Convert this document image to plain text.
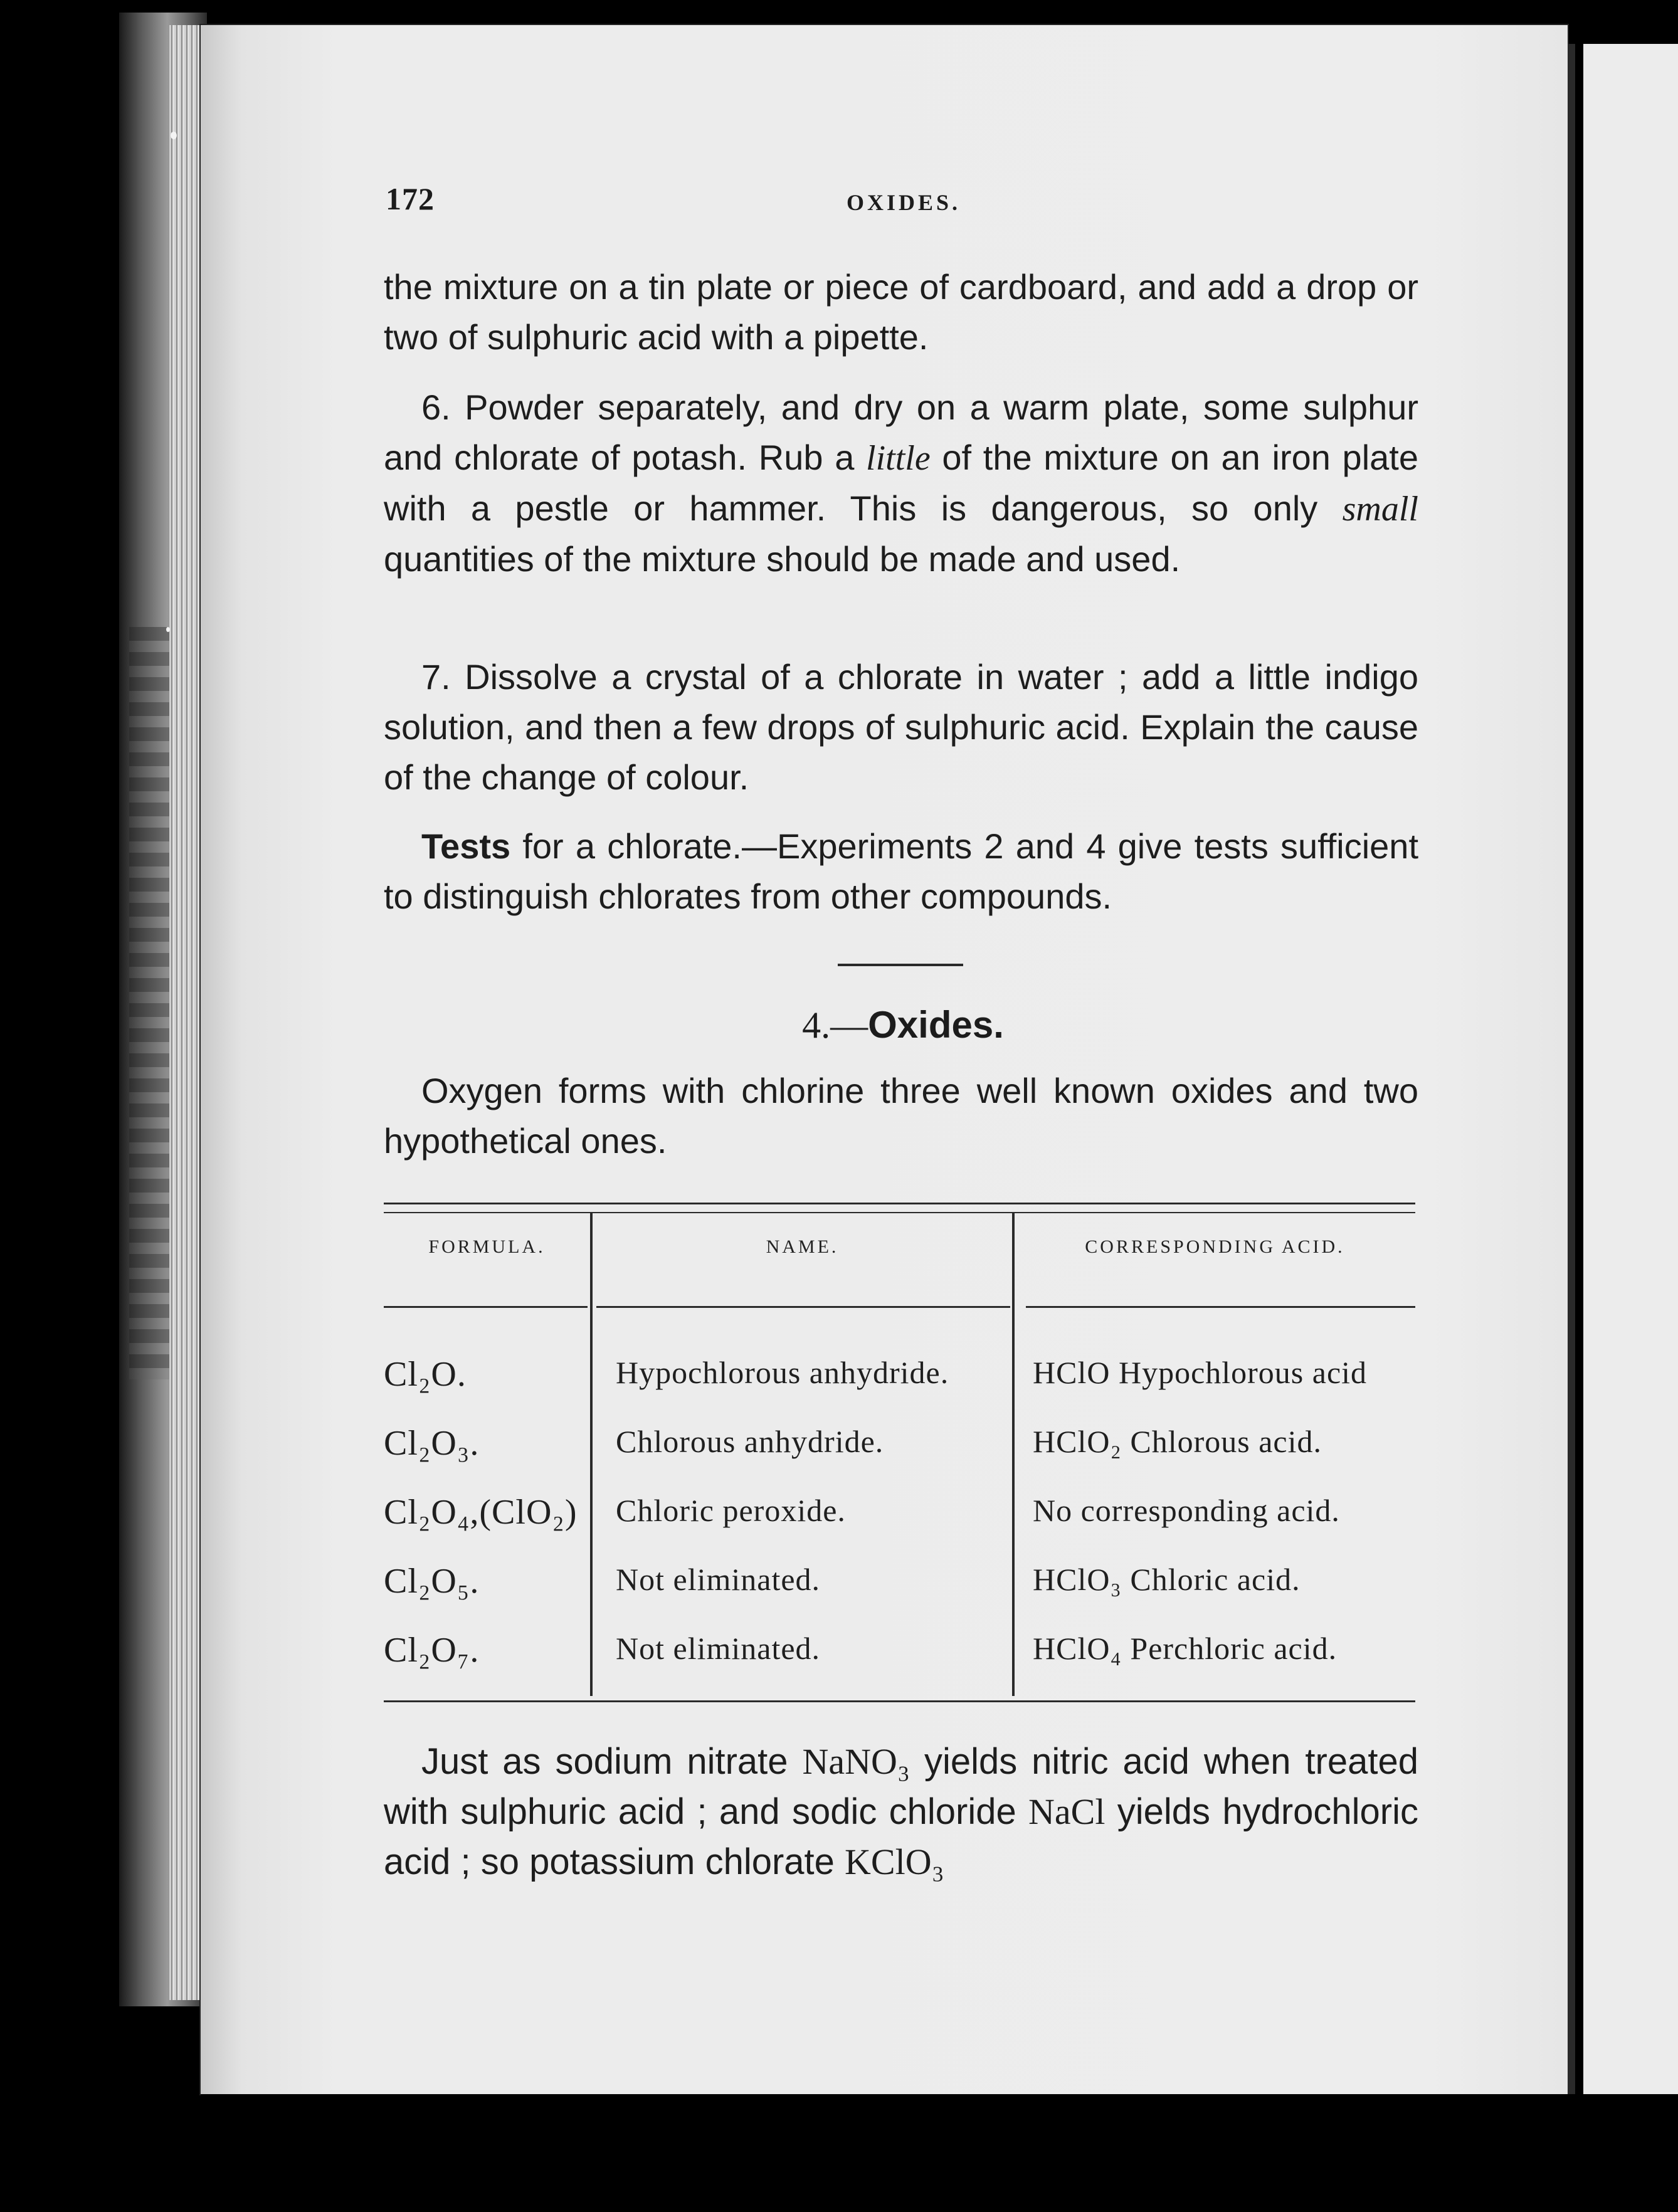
172	OXIDES.
the mixture on a tin plate or piece of cardboard, and add a drop or two of sulphuric acid with a pipette.
6. Powder separately, and dry on a warm plate, some sulphur and chlorate of potash. Rub a little of the mixture on an iron plate with a pestle or hammer. This is dangerous, so only small quantities of the mixture should be made and used.
7. Dissolve a crystal of a chlorate in water ; add a little indigo solution, and then a few drops of sulphuric acid. Explain the cause of the change of colour.
Tests for a chlorate.—Experiments 2 and 4 give tests sufficient to distinguish chlorates from other compounds.
4.—Oxides.
Oxygen forms with chlorine three well known oxides and two hypothetical ones.
FORMULA.	NAME.	CORRESPONDING ACID.
Cl₂O.	Hypochlorous anhydride.	HClO Hypochlorous acid
Cl₂O₃.	Chlorous anhydride.	HClO₂ Chlorous acid.
Cl₂O₄,(ClO₂) Chloric peroxide.	No corresponding acid.
Cl₂O₅.	Not eliminated.	HClO₃ Chloric acid.
Cl₂O₇.	Not eliminated.	HClO₄ Perchloric acid.
Just as sodium nitrate NaNO₃ yields nitric acid when treated with sulphuric acid ; and sodic chloride NaCl yields hydrochloric acid ; so potassium chlorate KClO₃
